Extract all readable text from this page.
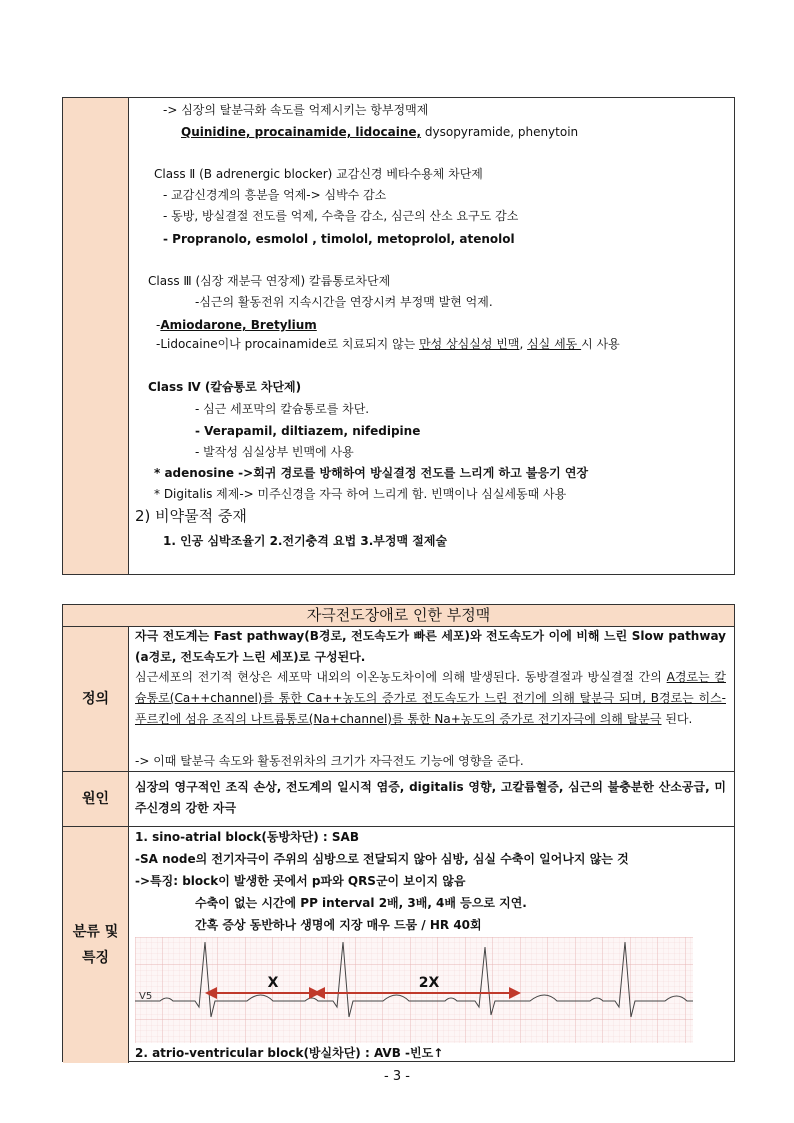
-> 심장의 탈분극화 속도를 억제시키는 항부정맥제
Quinidine, procainamide, lidocaine, dysopyramide, phenytoin
Class Ⅱ (B adrenergic blocker) 교감신경 베타수용체 차단제
- 교감신경계의 흥분을 억제-> 심박수 감소
- 동방, 방실결절 전도를 억제, 수축을 감소, 심근의 산소 요구도 감소
- Propranolo, esmolol , timolol, metoprolol, atenolol
Class Ⅲ (심장 재분극 연장제) 칼륨통로차단제
-심근의 활동전위 지속시간을 연장시켜 부정맥 발현 억제.
-Amiodarone, Bretylium
-Lidocaine이나 procainamide로 치료되지 않는 만성 상심실성 빈맥, 심실 세동 시 사용
Class Ⅳ (칼슘통로 차단제)
- 심근 세포막의 칼슘통로를 차단.
- Verapamil, diltiazem, nifedipine
- 발작성 심실상부 빈맥에 사용
* adenosine ->회귀 경로를 방해하여 방실결정 전도를 느리게 하고 불응기 연장
* Digitalis 제제-> 미주신경을 자극 하여 느리게 함. 빈맥이나 심실세동때 사용
2) 비약물적 중재
1. 인공 심박조율기 2.전기충격 요법 3.부정맥 절제술
자극전도장애로 인한 부정맥
정의
자극 전도계는 Fast pathway(B경로, 전도속도가 빠른 세포)와 전도속도가 이에 비해 느린 Slow pathway (a경로, 전도속도가 느린 세포)로 구성된다.
심근세포의 전기적 현상은 세포막 내외의 이온농도차이에 의해 발생된다. 동방결절과 방실결절 간의 A경로는 칼슘통로(Ca++channel)를 통한 Ca++농도의 증가로 전도속도가 느린 전기에 의해 탈분극 되며, B경로는 히스-푸르킨에 섬유 조직의 나트륨통로(Na+channel)를 통한 Na+농도의 증가로 전기자극에 의해 탈분극 된다.
-> 이때 탈분극 속도와 활동전위차의 크기가 자극전도 기능에 영향을 준다.
원인
심장의 영구적인 조직 손상, 전도계의 일시적 염증, digitalis 영향, 고칼륨혈증, 심근의 불충분한 산소공급, 미주신경의 강한 자극
분류 및 특징
1. sino-atrial block(동방차단) : SAB
-SA node의 전기자극이 주위의 심방으로 전달되지 않아 심방, 심실 수축이 일어나지 않는 것
->특징: block이 발생한 곳에서 p파와 QRS군이 보이지 않음
수축이 없는 시간에 PP interval 2배, 3배, 4배 등으로 지연.
간혹 증상 동반하나 생명에 지장 매우 드뭄 / HR 40회
V5
X	2X
2. atrio-ventricular block(방실차단) : AVB -빈도↑
- 3 -
